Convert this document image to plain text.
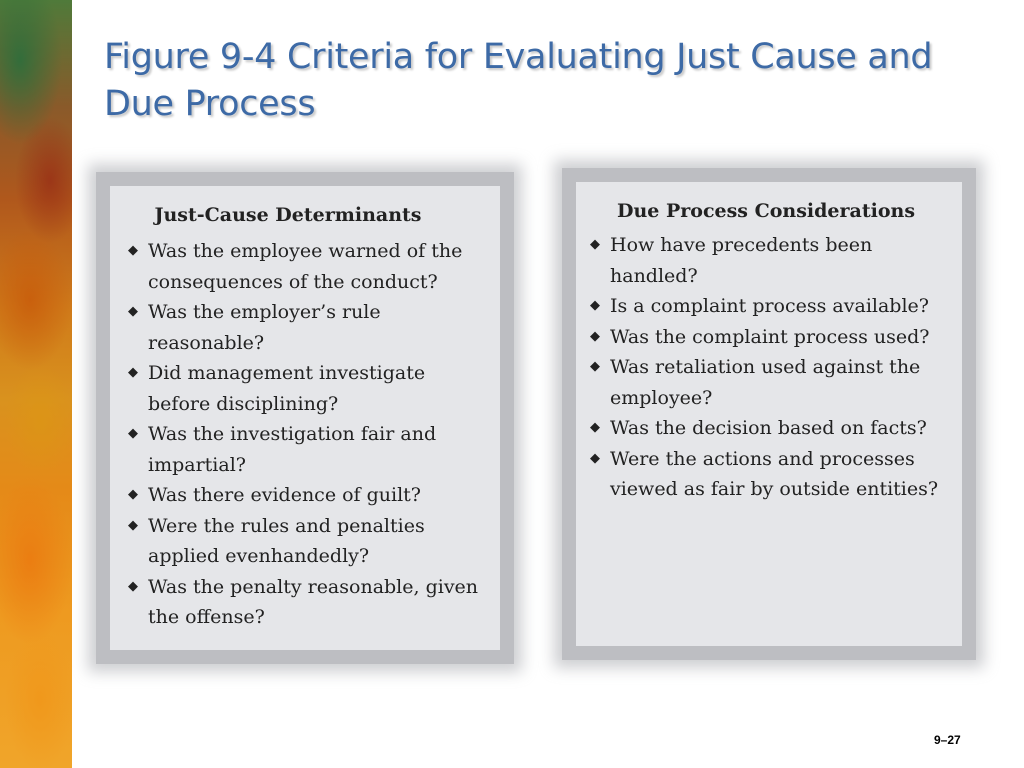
Figure 9-4 Criteria for Evaluating Just Cause and Due Process
Just-Cause Determinants
◆ Was the employee warned of the consequences of the conduct?
◆ Was the employer’s rule reasonable?
◆ Did management investigate before disciplining?
◆ Was the investigation fair and impartial?
◆ Was there evidence of guilt?
◆ Were the rules and penalties applied evenhandedly?
◆ Was the penalty reasonable, given the offense?
Due Process Considerations
◆ How have precedents been handled?
◆ Is a complaint process available?
◆ Was the complaint process used?
◆ Was retaliation used against the employee?
◆ Was the decision based on facts?
◆ Were the actions and processes viewed as fair by outside entities?
9–27
